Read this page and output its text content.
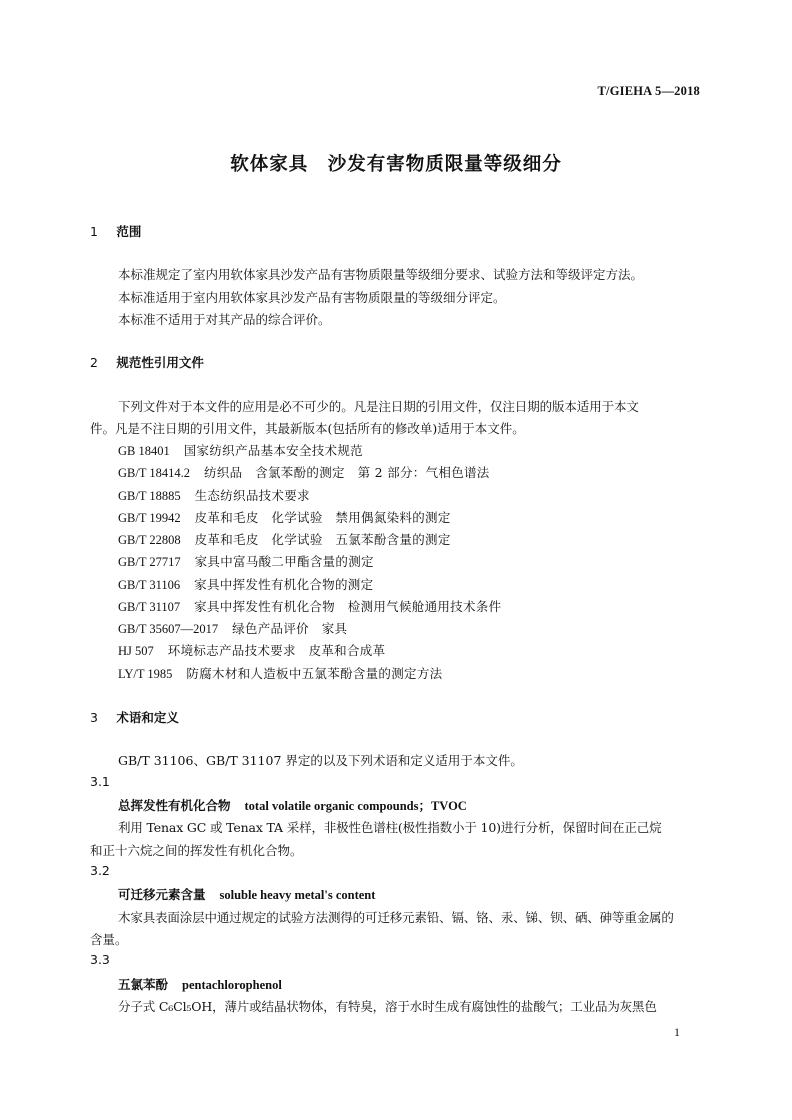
T/GIEHA 5—2018
软体家具　沙发有害物质限量等级细分
1 范围
本标准规定了室内用软体家具沙发产品有害物质限量等级细分要求、试验方法和等级评定方法。
本标准适用于室内用软体家具沙发产品有害物质限量的等级细分评定。
本标准不适用于对其产品的综合评价。
2 规范性引用文件
下列文件对于本文件的应用是必不可少的。凡是注日期的引用文件，仅注日期的版本适用于本文
件。凡是不注日期的引用文件，其最新版本(包括所有的修改单)适用于本文件。
GB 18401 国家纺织产品基本安全技术规范
GB/T 18414.2 纺织品　含氯苯酚的测定　第 2 部分：气相色谱法
GB/T 18885 生态纺织品技术要求
GB/T 19942 皮革和毛皮　化学试验　禁用偶氮染料的测定
GB/T 22808 皮革和毛皮　化学试验　五氯苯酚含量的测定
GB/T 27717 家具中富马酸二甲酯含量的测定
GB/T 31106 家具中挥发性有机化合物的测定
GB/T 31107 家具中挥发性有机化合物　检测用气候舱通用技术条件
GB/T 35607—2017 绿色产品评价　家具
HJ 507 环境标志产品技术要求　皮革和合成革
LY/T 1985 防腐木材和人造板中五氯苯酚含量的测定方法
3 术语和定义
GB/T 31106、GB/T 31107 界定的以及下列术语和定义适用于本文件。
3.1
总挥发性有机化合物 total volatile organic compounds；TVOC
利用 Tenax GC 或 Tenax TA 采样，非极性色谱柱(极性指数小于 10)进行分析，保留时间在正己烷
和正十六烷之间的挥发性有机化合物。
3.2
可迁移元素含量 soluble heavy metal's content
木家具表面涂层中通过规定的试验方法测得的可迁移元素铅、镉、铬、汞、锑、钡、硒、砷等重金属的
含量。
3.3
五氯苯酚 pentachlorophenol
分子式 C₆Cl₅OH，薄片或结晶状物体，有特臭，溶于水时生成有腐蚀性的盐酸气；工业品为灰黑色
1
